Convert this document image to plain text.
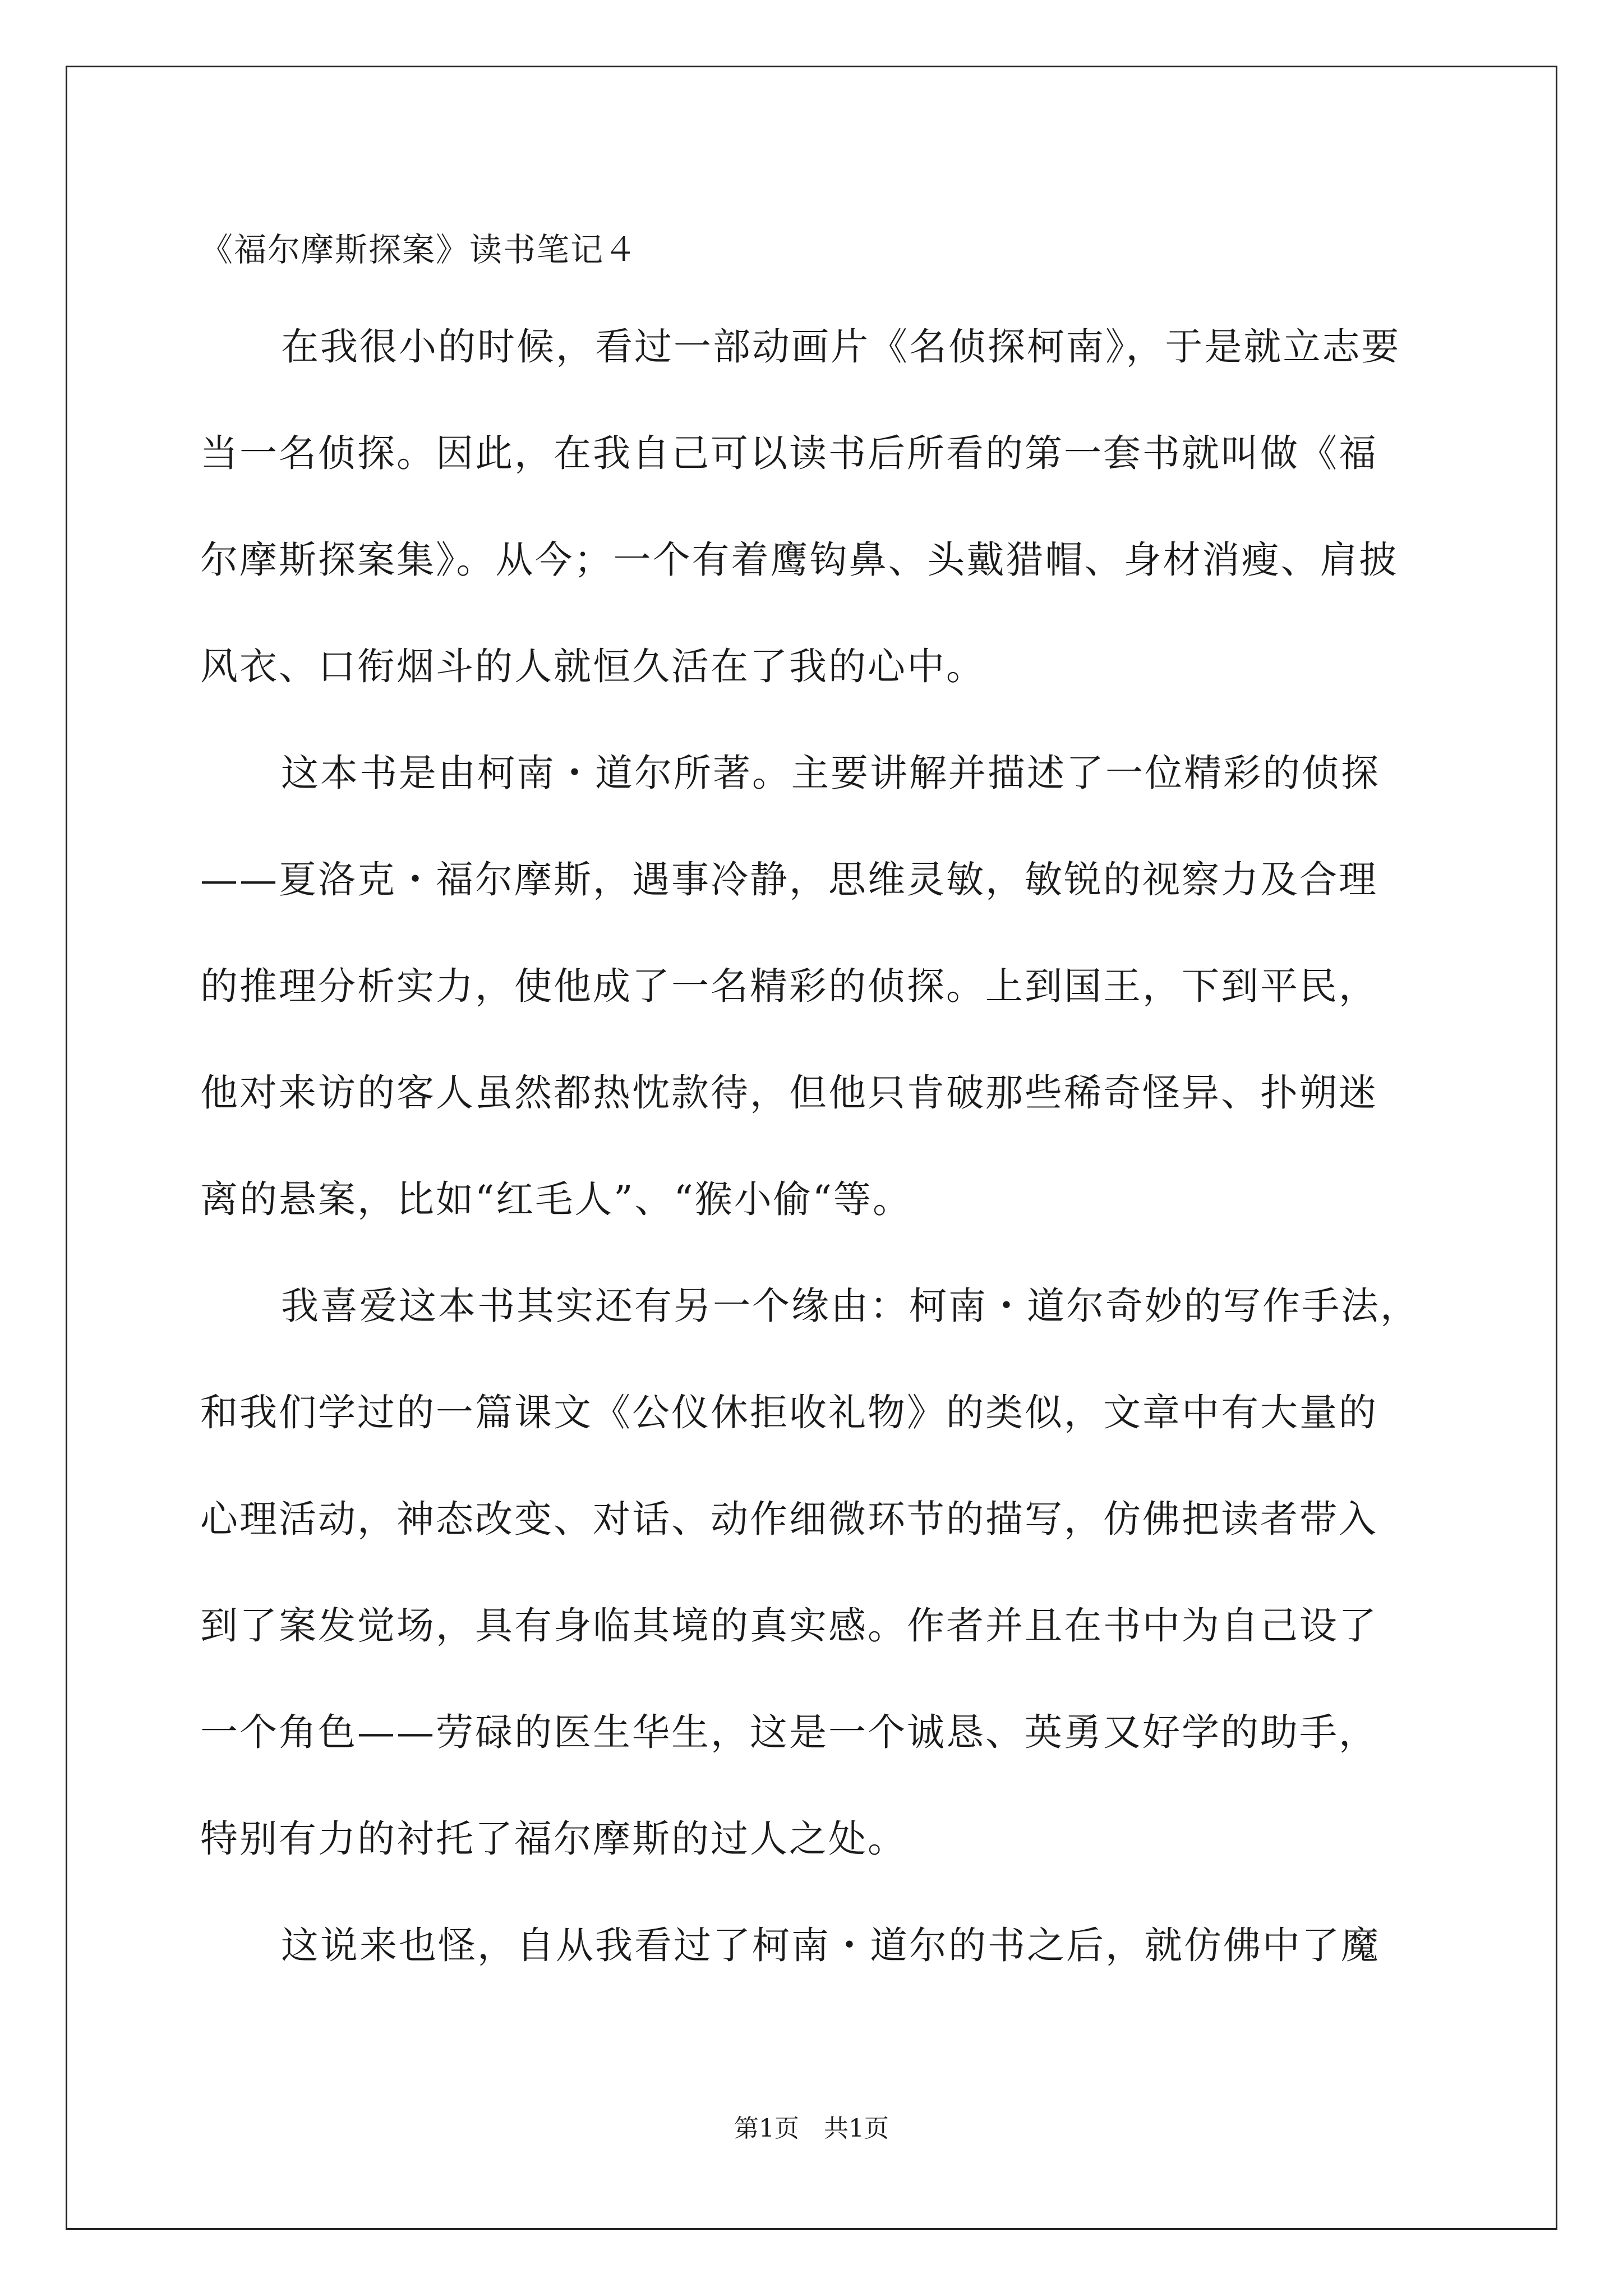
《福尔摩斯探案》读书笔记４
在我很小的时候，看过一部动画片《名侦探柯南》，于是就立志要
当一名侦探。因此，在我自己可以读书后所看的第一套书就叫做《福
尔摩斯探案集》。从今；一个有着鹰钩鼻、头戴猎帽、身材消瘦、肩披
风衣、口衔烟斗的人就恒久活在了我的心中。
这本书是由柯南・道尔所著。主要讲解并描述了一位精彩的侦探
——夏洛克・福尔摩斯，遇事冷静，思维灵敏，敏锐的视察力及合理
的推理分析实力，使他成了一名精彩的侦探。上到国王，下到平民，
他对来访的客人虽然都热忱款待，但他只肯破那些稀奇怪异、扑朔迷
离的悬案，比如“红毛人”、“猴小偷“等。
我喜爱这本书其实还有另一个缘由：柯南・道尔奇妙的写作手法，
和我们学过的一篇课文《公仪休拒收礼物》的类似，文章中有大量的
心理活动，神态改变、对话、动作细微环节的描写，仿佛把读者带入
到了案发觉场，具有身临其境的真实感。作者并且在书中为自己设了
一个角色——劳碌的医生华生，这是一个诚恳、英勇又好学的助手，
特别有力的衬托了福尔摩斯的过人之处。
这说来也怪，自从我看过了柯南・道尔的书之后，就仿佛中了魔
第1页　共1页
